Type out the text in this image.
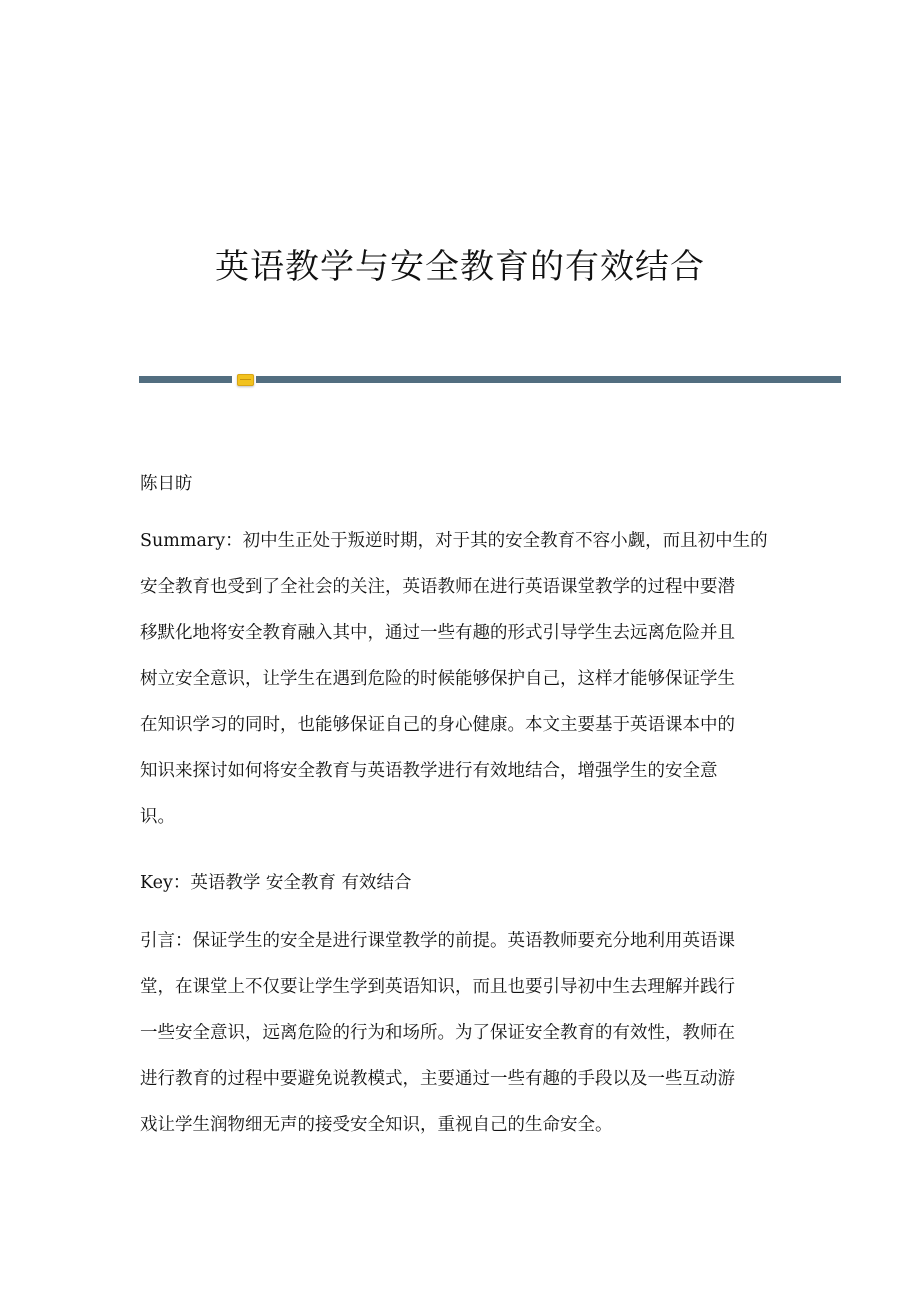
英语教学与安全教育的有效结合
陈日昉
Summary：初中生正处于叛逆时期，对于其的安全教育不容小觑，而且初中生的
安全教育也受到了全社会的关注，英语教师在进行英语课堂教学的过程中要潜
移默化地将安全教育融入其中，通过一些有趣的形式引导学生去远离危险并且
树立安全意识，让学生在遇到危险的时候能够保护自己，这样才能够保证学生
在知识学习的同时，也能够保证自己的身心健康。本文主要基于英语课本中的
知识来探讨如何将安全教育与英语教学进行有效地结合，增强学生的安全意
识。
Key：英语教学 安全教育 有效结合
引言：保证学生的安全是进行课堂教学的前提。英语教师要充分地利用英语课
堂，在课堂上不仅要让学生学到英语知识，而且也要引导初中生去理解并践行
一些安全意识，远离危险的行为和场所。为了保证安全教育的有效性，教师在
进行教育的过程中要避免说教模式，主要通过一些有趣的手段以及一些互动游
戏让学生润物细无声的接受安全知识，重视自己的生命安全。
